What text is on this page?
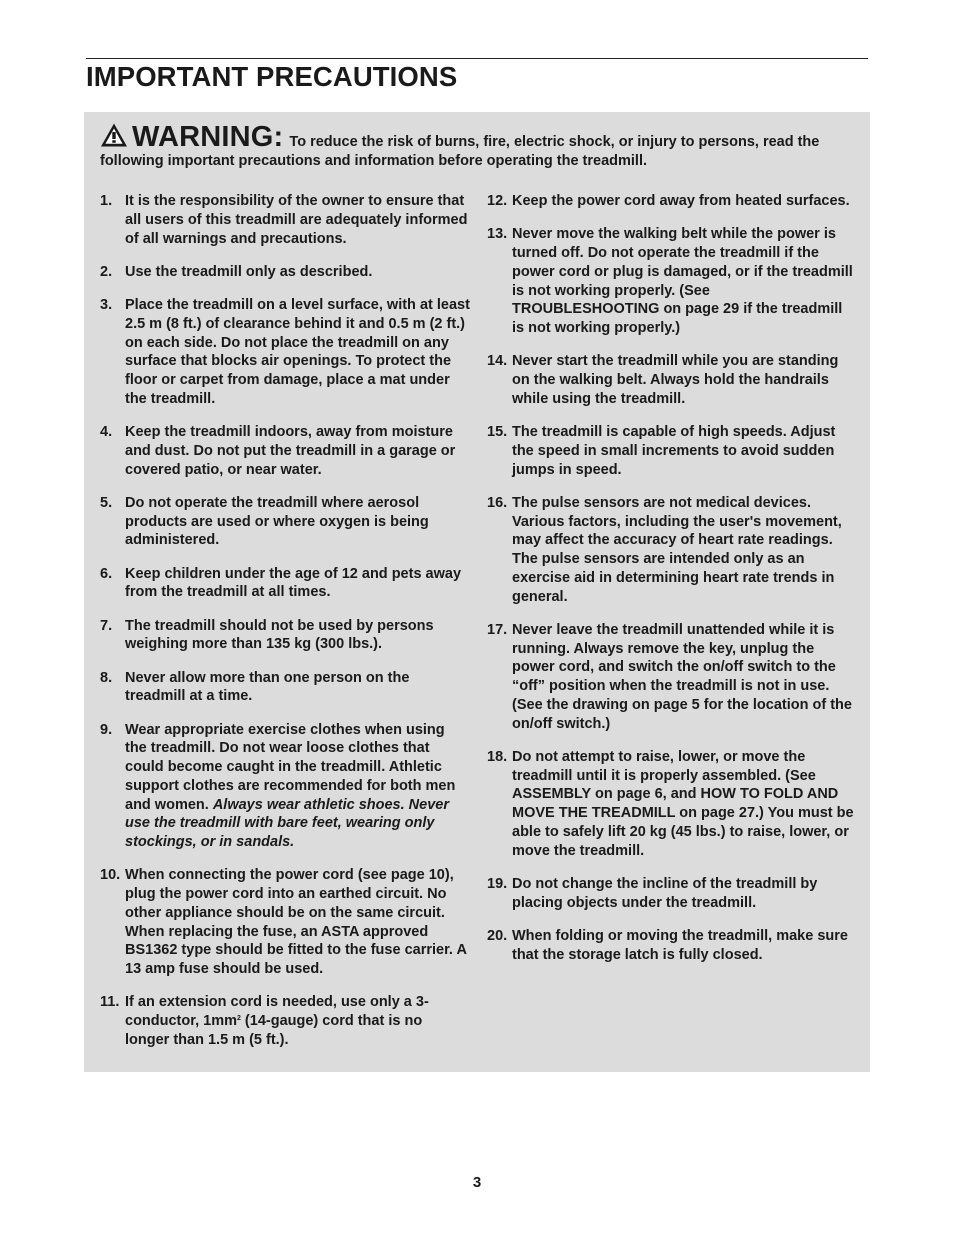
IMPORTANT PRECAUTIONS
WARNING: To reduce the risk of burns, fire, electric shock, or injury to persons, read the following important precautions and information before operating the treadmill.
1. It is the responsibility of the owner to ensure that all users of this treadmill are adequately informed of all warnings and precautions.
2. Use the treadmill only as described.
3. Place the treadmill on a level surface, with at least 2.5 m (8 ft.) of clearance behind it and 0.5 m (2 ft.) on each side. Do not place the treadmill on any surface that blocks air openings. To protect the floor or carpet from damage, place a mat under the treadmill.
4. Keep the treadmill indoors, away from moisture and dust. Do not put the treadmill in a garage or covered patio, or near water.
5. Do not operate the treadmill where aerosol products are used or where oxygen is being administered.
6. Keep children under the age of 12 and pets away from the treadmill at all times.
7. The treadmill should not be used by persons weighing more than 135 kg (300 lbs.).
8. Never allow more than one person on the treadmill at a time.
9. Wear appropriate exercise clothes when using the treadmill. Do not wear loose clothes that could become caught in the treadmill. Athletic support clothes are recommended for both men and women. Always wear athletic shoes. Never use the treadmill with bare feet, wearing only stockings, or in sandals.
10. When connecting the power cord (see page 10), plug the power cord into an earthed circuit. No other appliance should be on the same circuit. When replacing the fuse, an ASTA approved BS1362 type should be fitted to the fuse carrier. A 13 amp fuse should be used.
11. If an extension cord is needed, use only a 3-conductor, $1mm^2$ (14-gauge) cord that is no longer than 1.5 m (5 ft.).
12. Keep the power cord away from heated surfaces.
13. Never move the walking belt while the power is turned off. Do not operate the treadmill if the power cord or plug is damaged, or if the treadmill is not working properly. (See TROUBLESHOOTING on page 29 if the treadmill is not working properly.)
14. Never start the treadmill while you are standing on the walking belt. Always hold the handrails while using the treadmill.
15. The treadmill is capable of high speeds. Adjust the speed in small increments to avoid sudden jumps in speed.
16. The pulse sensors are not medical devices. Various factors, including the user's movement, may affect the accuracy of heart rate readings. The pulse sensors are intended only as an exercise aid in determining heart rate trends in general.
17. Never leave the treadmill unattended while it is running. Always remove the key, unplug the power cord, and switch the on/off switch to the “off” position when the treadmill is not in use. (See the drawing on page 5 for the location of the on/off switch.)
18. Do not attempt to raise, lower, or move the treadmill until it is properly assembled. (See ASSEMBLY on page 6, and HOW TO FOLD AND MOVE THE TREADMILL on page 27.) You must be able to safely lift 20 kg (45 lbs.) to raise, lower, or move the treadmill.
19. Do not change the incline of the treadmill by placing objects under the treadmill.
20. When folding or moving the treadmill, make sure that the storage latch is fully closed.
3
